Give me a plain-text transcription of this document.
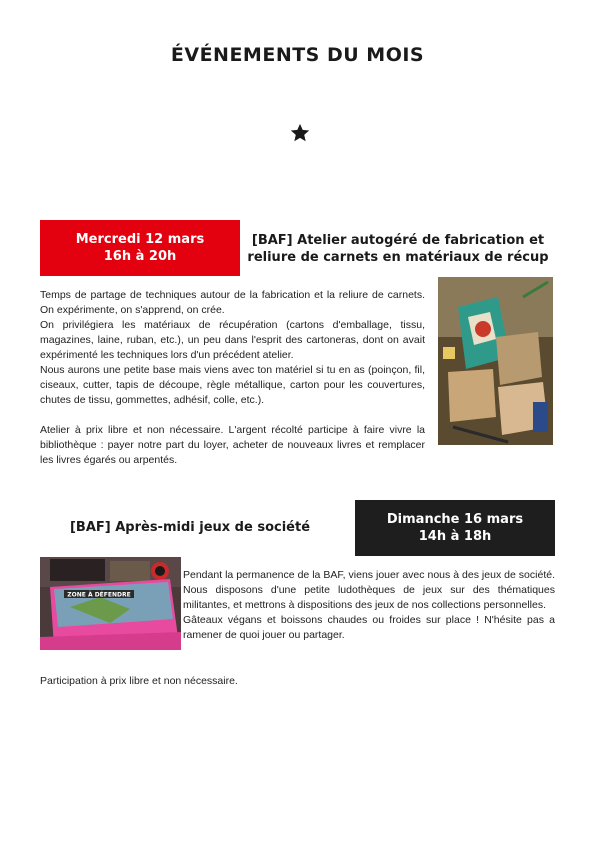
ÉVÉNEMENTS DU MOIS
Mercredi 12 mars
16h à 20h
[BAF] Atelier autogéré de fabrication et
reliure de carnets en matériaux de récup

Temps de partage de techniques autour de la fabrication et la reliure de carnets. On expérimente, on s'apprend, on crée.

On privilégiera les matériaux de récupération (cartons d'emballage, tissu, magazines, laine, ruban, etc.), un peu dans l'esprit des cartoneras, dont on avait expérimenté les techniques lors d'un précédent atelier.

Nous aurons une petite base mais viens avec ton matériel si tu en as (poinçon, fil, ciseaux, cutter, tapis de découpe, règle métallique, carton pour les couvertures, chutes de tissu, gommettes, adhésif, colle, etc.).

Atelier à prix libre et non nécessaire. L'argent récolté participe à faire vivre la bibliothèque : payer notre part du loyer, acheter de nouveaux livres et remplacer les livres égarés ou arpentés.

Dimanche 16 mars
14h à 18h
[BAF] Après-midi jeux de société
ZONE À DÉFENDRE

Pendant la permanence de la BAF, viens jouer avec nous à des jeux de société. Nous disposons d'une petite ludothèques de jeux sur des thématiques militantes, et mettrons à dispositions des jeux de nos collections personnelles.

Gâteaux végans et boissons chaudes ou froides sur place ! N'hésite pas a ramener de quoi jouer ou partager.

Participation à prix libre et non nécessaire.
